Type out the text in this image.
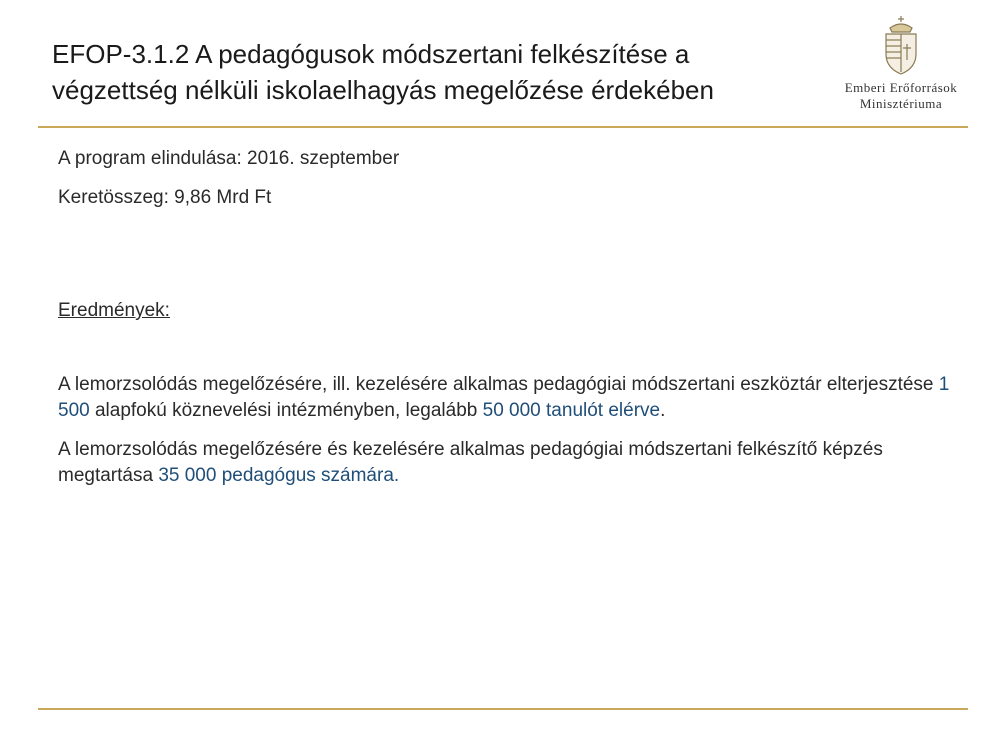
EFOP-3.1.2 A pedagógusok módszertani felkészítése a
végzettség nélküli iskolaelhagyás megelőzése érdekében	Emberi Erőforrások
Minisztériuma
A program elindulása: 2016. szeptember
Keretösszeg: 9,86 Mrd Ft
Eredmények:
A lemorzsolódás megelőzésére, ill. kezelésére alkalmas pedagógiai módszertani eszköztár elterjesztése 1 500 alapfokú köznevelési intézményben, legalább 50 000 tanulót elérve.
A lemorzsolódás megelőzésére és kezelésére alkalmas pedagógiai módszertani felkészítő képzés megtartása 35 000 pedagógus számára.
